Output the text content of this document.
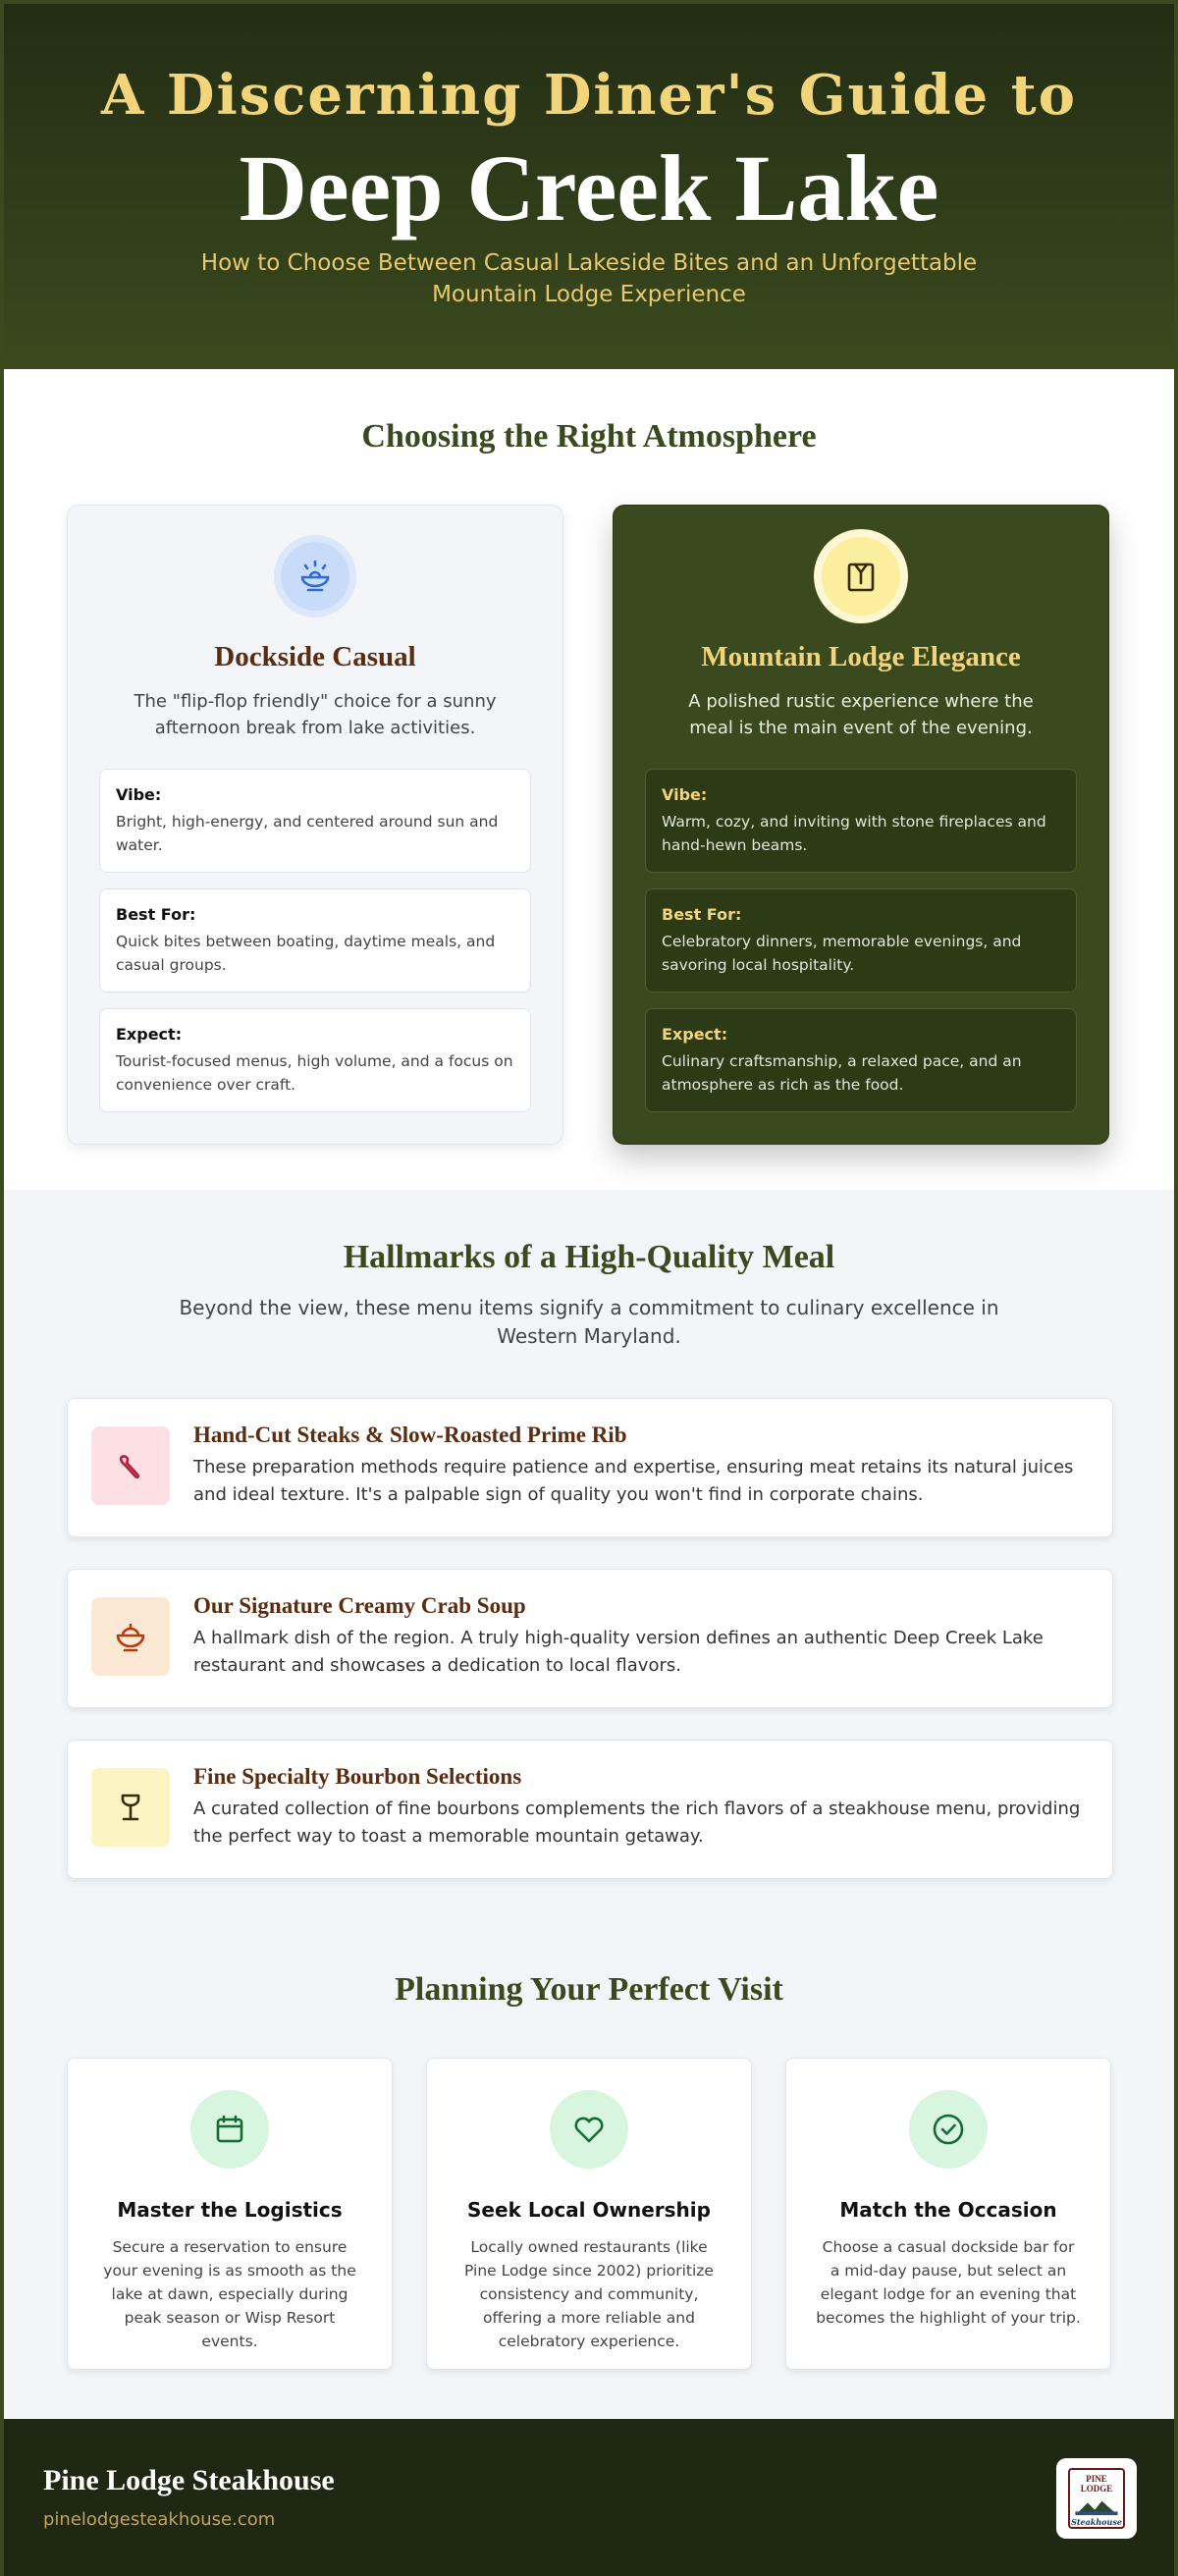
A Discerning Diner's Guide to
Deep Creek Lake
How to Choose Between Casual Lakeside Bites and an Unforgettable Mountain Lodge Experience
Choosing the Right Atmosphere
Dockside Casual
The "flip-flop friendly" choice for a sunny afternoon break from lake activities.
Vibe:
Bright, high-energy, and centered around sun and water.
Best For:
Quick bites between boating, daytime meals, and casual groups.
Expect:
Tourist-focused menus, high volume, and a focus on convenience over craft.
Mountain Lodge Elegance
A polished rustic experience where the meal is the main event of the evening.
Vibe:
Warm, cozy, and inviting with stone fireplaces and hand-hewn beams.
Best For:
Celebratory dinners, memorable evenings, and savoring local hospitality.
Expect:
Culinary craftsmanship, a relaxed pace, and an atmosphere as rich as the food.
Hallmarks of a High-Quality Meal
Beyond the view, these menu items signify a commitment to culinary excellence in Western Maryland.
Hand-Cut Steaks & Slow-Roasted Prime Rib
These preparation methods require patience and expertise, ensuring meat retains its natural juices and ideal texture. It's a palpable sign of quality you won't find in corporate chains.
Our Signature Creamy Crab Soup
A hallmark dish of the region. A truly high-quality version defines an authentic Deep Creek Lake restaurant and showcases a dedication to local flavors.
Fine Specialty Bourbon Selections
A curated collection of fine bourbons complements the rich flavors of a steakhouse menu, providing the perfect way to toast a memorable mountain getaway.
Planning Your Perfect Visit
Master the Logistics
Secure a reservation to ensure your evening is as smooth as the lake at dawn, especially during peak season or Wisp Resort events.
Seek Local Ownership
Locally owned restaurants (like Pine Lodge since 2002) prioritize consistency and community, offering a more reliable and celebratory experience.
Match the Occasion
Choose a casual dockside bar for a mid-day pause, but select an elegant lodge for an evening that becomes the highlight of your trip.
Pine Lodge Steakhouse
pinelodgesteakhouse.com
PINE LODGE
Steakhouse
